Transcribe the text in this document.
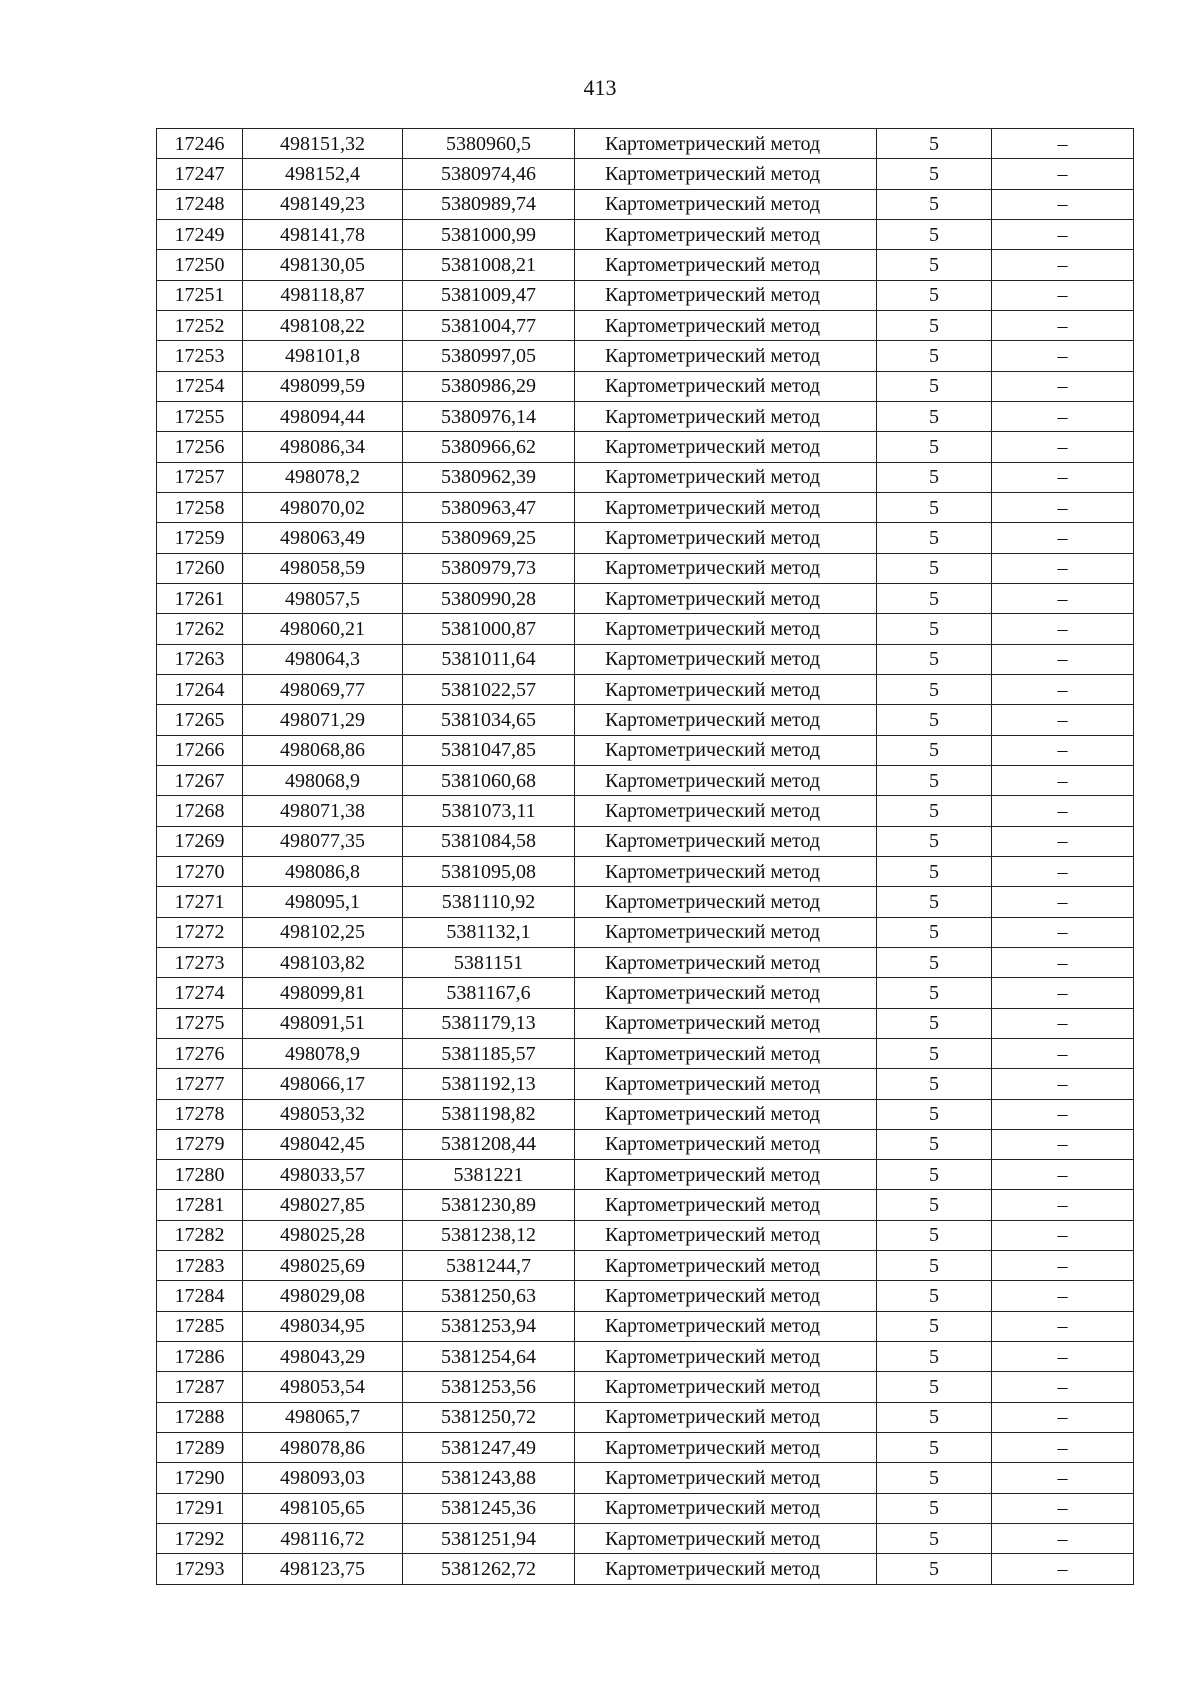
413
17246	498151,32	5380960,5	Картометрический метод	5	–
17247	498152,4	5380974,46	Картометрический метод	5	–
17248	498149,23	5380989,74	Картометрический метод	5	–
17249	498141,78	5381000,99	Картометрический метод	5	–
17250	498130,05	5381008,21	Картометрический метод	5	–
17251	498118,87	5381009,47	Картометрический метод	5	–
17252	498108,22	5381004,77	Картометрический метод	5	–
17253	498101,8	5380997,05	Картометрический метод	5	–
17254	498099,59	5380986,29	Картометрический метод	5	–
17255	498094,44	5380976,14	Картометрический метод	5	–
17256	498086,34	5380966,62	Картометрический метод	5	–
17257	498078,2	5380962,39	Картометрический метод	5	–
17258	498070,02	5380963,47	Картометрический метод	5	–
17259	498063,49	5380969,25	Картометрический метод	5	–
17260	498058,59	5380979,73	Картометрический метод	5	–
17261	498057,5	5380990,28	Картометрический метод	5	–
17262	498060,21	5381000,87	Картометрический метод	5	–
17263	498064,3	5381011,64	Картометрический метод	5	–
17264	498069,77	5381022,57	Картометрический метод	5	–
17265	498071,29	5381034,65	Картометрический метод	5	–
17266	498068,86	5381047,85	Картометрический метод	5	–
17267	498068,9	5381060,68	Картометрический метод	5	–
17268	498071,38	5381073,11	Картометрический метод	5	–
17269	498077,35	5381084,58	Картометрический метод	5	–
17270	498086,8	5381095,08	Картометрический метод	5	–
17271	498095,1	5381110,92	Картометрический метод	5	–
17272	498102,25	5381132,1	Картометрический метод	5	–
17273	498103,82	5381151	Картометрический метод	5	–
17274	498099,81	5381167,6	Картометрический метод	5	–
17275	498091,51	5381179,13	Картометрический метод	5	–
17276	498078,9	5381185,57	Картометрический метод	5	–
17277	498066,17	5381192,13	Картометрический метод	5	–
17278	498053,32	5381198,82	Картометрический метод	5	–
17279	498042,45	5381208,44	Картометрический метод	5	–
17280	498033,57	5381221	Картометрический метод	5	–
17281	498027,85	5381230,89	Картометрический метод	5	–
17282	498025,28	5381238,12	Картометрический метод	5	–
17283	498025,69	5381244,7	Картометрический метод	5	–
17284	498029,08	5381250,63	Картометрический метод	5	–
17285	498034,95	5381253,94	Картометрический метод	5	–
17286	498043,29	5381254,64	Картометрический метод	5	–
17287	498053,54	5381253,56	Картометрический метод	5	–
17288	498065,7	5381250,72	Картометрический метод	5	–
17289	498078,86	5381247,49	Картометрический метод	5	–
17290	498093,03	5381243,88	Картометрический метод	5	–
17291	498105,65	5381245,36	Картометрический метод	5	–
17292	498116,72	5381251,94	Картометрический метод	5	–
17293	498123,75	5381262,72	Картометрический метод	5	–
